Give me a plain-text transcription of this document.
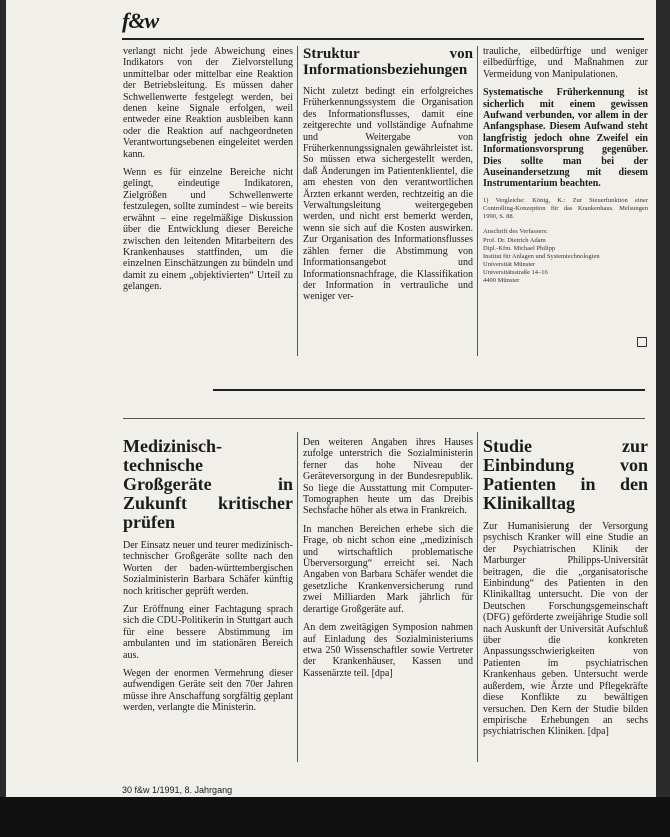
f&w

verlangt nicht jede Abweichung eines Indikators von der Zielvorstellung unmittelbar oder mittelbar eine Reaktion der Betriebsleitung. Es müssen daher Schwellenwerte festgelegt werden, bei denen keine Signale erfolgen, weil entweder eine Reaktion ausbleiben kann oder die Reaktion auf nachgeordneten Verantwortungsebenen eingeleitet werden kann.

Wenn es für einzelne Bereiche nicht gelingt, eindeutige Indikatoren, Zielgrößen und Schwellenwerte festzulegen, sollte zumindest – wie bereits erwähnt – eine regelmäßige Diskussion über die Entwicklung dieser Bereiche zwischen den leitenden Mitarbeitern des Krankenhauses stattfinden, um die einzelnen Einschätzungen zu bündeln und damit zu einem „objektivierten“ Urteil zu gelangen.

Struktur von Informationsbeziehungen

Nicht zuletzt bedingt ein erfolgreiches Früherkennungssystem die Organisation des Informationsflusses, damit eine zeitgerechte und vollständige Aufnahme und Weitergabe von Früherkennungssignalen gewährleistet ist. So müssen etwa sichergestellt werden, daß Änderungen im Patientenklientel, die am ehesten von den verantwortlichen Ärzten erkannt werden, rechtzeitig an die Verwaltungsleitung weitergegeben werden, und nicht erst bemerkt werden, wenn sie sich auf die Kosten auswirken. Zur Organisation des Informationsflusses zählen ferner die Abstimmung von Informationsangebot und Informationsnachfrage, die Klassifikation der Information in vertrauliche und weniger ver-

trauliche, eilbedürftige und weniger eilbedürftige, und Maßnahmen zur Vermeidung von Manipulationen.

Systematische Früherkennung ist sicherlich mit einem gewissen Aufwand verbunden, vor allem in der Anfangsphase. Diesem Aufwand steht langfristig jedoch ohne Zweifel ein Informationsvorsprung gegenüber. Dies sollte man bei der Auseinandersetzung mit diesem Instrumentarium beachten.

1) Vergleiche: König, K.: Zur Steuerfunktion einer Controlling-Konzeption für das Krankenhaus. Melsungen 1990, S. 88.

Anschrift des Verfassers:

Prof. Dr. Dietrich Adam
Dipl.-Kfm. Michael Philipp
Institut für Anlagen und Systemtechnologien
Universität Münster
Universitätsstraße 14–16
4400 Münster
Medizinisch-technische Großgeräte in Zukunft kritischer prüfen

Der Einsatz neuer und teurer medizinisch-technischer Großgeräte sollte nach den Worten der baden-württembergischen Sozialministerin Barbara Schäfer künftig noch kritischer geprüft werden.

Zur Eröffnung einer Fachtagung sprach sich die CDU-Politikerin in Stuttgart auch für eine bessere Abstimmung im ambulanten und im stationären Bereich aus.

Wegen der enormen Vermehrung dieser aufwendigen Geräte seit den 70er Jahren müsse ihre Anschaffung sorgfältig geplant werden, verlangte die Ministerin.

Den weiteren Angaben ihres Hauses zufolge unterstrich die Sozialministerin ferner das hohe Niveau der Geräteversorgung in der Bundesrepublik. So liege die Ausstattung mit Computer-Tomographen heute um das Dreibis Sechsfache höher als etwa in Frankreich.

In manchen Bereichen erhebe sich die Frage, ob nicht schon eine „medizinisch und wirtschaftlich problematische Überversorgung“ erreicht sei. Nach Angaben von Barbara Schäfer wendet die gesetzliche Krankenversicherung rund zwei Milliarden Mark jährlich für derartige Großgeräte auf.

An dem zweitägigen Symposion nahmen auf Einladung des Sozialministeriums etwa 250 Wissenschaftler sowie Vertreter der Krankenhäuser, Kassen und Kassenärzte teil. [dpa]

Studie zur Einbindung von Patienten in den Klinikalltag

Zur Humanisierung der Versorgung psychisch Kranker will eine Studie an der Psychiatrischen Klinik der Marburger Philipps-Universität beitragen, die die „organisatorische Einbindung“ des Patienten in den Klinikalltag untersucht. Die von der Deutschen Forschungsgemeinschaft (DFG) geförderte zweijährige Studie soll nach Auskunft der Universität Aufschluß über die konkreten Anpassungsschwierigkeiten von Patienten im psychiatrischen Krankenhaus geben. Untersucht werde außerdem, wie Ärzte und Pflegekräfte diese Konflikte zu bewältigen versuchen. Den Kern der Studie bilden empirische Erhebungen an sechs psychiatrischen Kliniken. [dpa]

30 f&w 1/1991, 8. Jahrgang
